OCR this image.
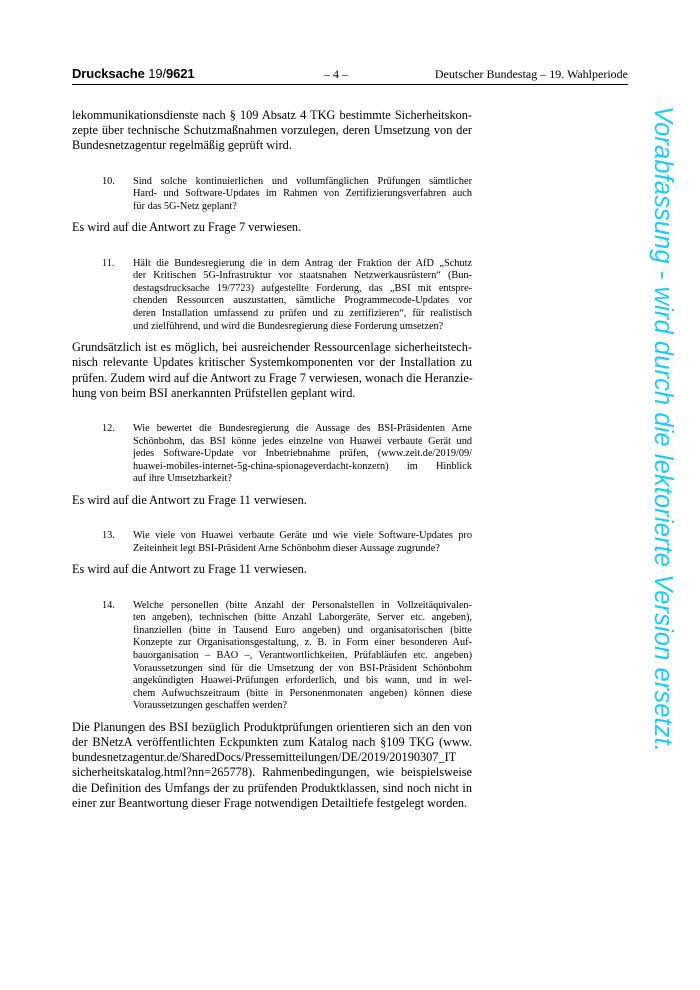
Drucksache 19/9621	– 4 –	Deutscher Bundestag – 19. Wahlperiode
lekommunikationsdienste nach § 109 Absatz 4 TKG bestimmte Sicherheitskon-
zepte über technische Schutzmaßnahmen vorzulegen, deren Umsetzung von der
Bundesnetzagentur regelmäßig geprüft wird.
10. Sind solche kontinuierlichen und vollumfänglichen Prüfungen sämtlicher
Hard- und Software-Updates im Rahmen von Zertifizierungsverfahren auch
für das 5G-Netz geplant?
Es wird auf die Antwort zu Frage 7 verwiesen.
11. Hält die Bundesregierung die in dem Antrag der Fraktion der AfD „Schutz
der Kritischen 5G-Infrastruktur vor staatsnahen Netzwerkausrüstern“ (Bun-
destagsdrucksache 19/7723) aufgestellte Forderung, das „BSI mit entspre-
chenden Ressourcen auszustatten, sämtliche Programmecode-Updates vor
deren Installation umfassend zu prüfen und zu zertifizieren“, für realistisch
und zielführend, und wird die Bundesregierung diese Forderung umsetzen?
Grundsätzlich ist es möglich, bei ausreichender Ressourcenlage sicherheitstech-
nisch relevante Updates kritischer Systemkomponenten vor der Installation zu
prüfen. Zudem wird auf die Antwort zu Frage 7 verwiesen, wonach die Heranzie-
hung von beim BSI anerkannten Prüfstellen geplant wird.
12. Wie bewertet die Bundesregierung die Aussage des BSI-Präsidenten Arne
Schönbohm, das BSI könne jedes einzelne von Huawei verbaute Gerät und
jedes Software-Update vor Inbetriebnahme prüfen, (www.zeit.de/2019/09/
huawei-mobiles-internet-5g-china-spionageverdacht-konzern) im Hinblick
auf ihre Umsetzbarkeit?
Es wird auf die Antwort zu Frage 11 verwiesen.
13. Wie viele von Huawei verbaute Geräte und wie viele Software-Updates pro
Zeiteinheit legt BSI-Präsident Arne Schönbohm dieser Aussage zugrunde?
Es wird auf die Antwort zu Frage 11 verwiesen.
14. Welche personellen (bitte Anzahl der Personalstellen in Vollzeitäquivalen-
ten angeben), technischen (bitte Anzahl Laborgeräte, Server etc. angeben),
finanziellen (bitte in Tausend Euro angeben) und organisatorischen (bitte
Konzepte zur Organisationsgestaltung, z. B. in Form einer besonderen Auf-
bauorganisation – BAO –, Verantwortlichkeiten, Prüfabläufen etc. angeben)
Voraussetzungen sind für die Umsetzung der von BSI-Präsident Schönbohm
angekündigten Huawei-Prüfungen erforderlich, und bis wann, und in wel-
chem Aufwuchszeitraum (bitte in Personenmonaten angeben) können diese
Voraussetzungen geschaffen werden?
Die Planungen des BSI bezüglich Produktprüfungen orientieren sich an den von
der BNetzA veröffentlichten Eckpunkten zum Katalog nach §109 TKG (www.
bundesnetzagentur.de/SharedDocs/Pressemitteilungen/DE/2019/20190307_IT
sicherheitskatalog.html?nn=265778). Rahmenbedingungen, wie beispielsweise
die Definition des Umfangs der zu prüfenden Produktklassen, sind noch nicht in
einer zur Beantwortung dieser Frage notwendigen Detailtiefe festgelegt worden.
Vorabfassung - wird durch die lektorierte Version ersetzt.
